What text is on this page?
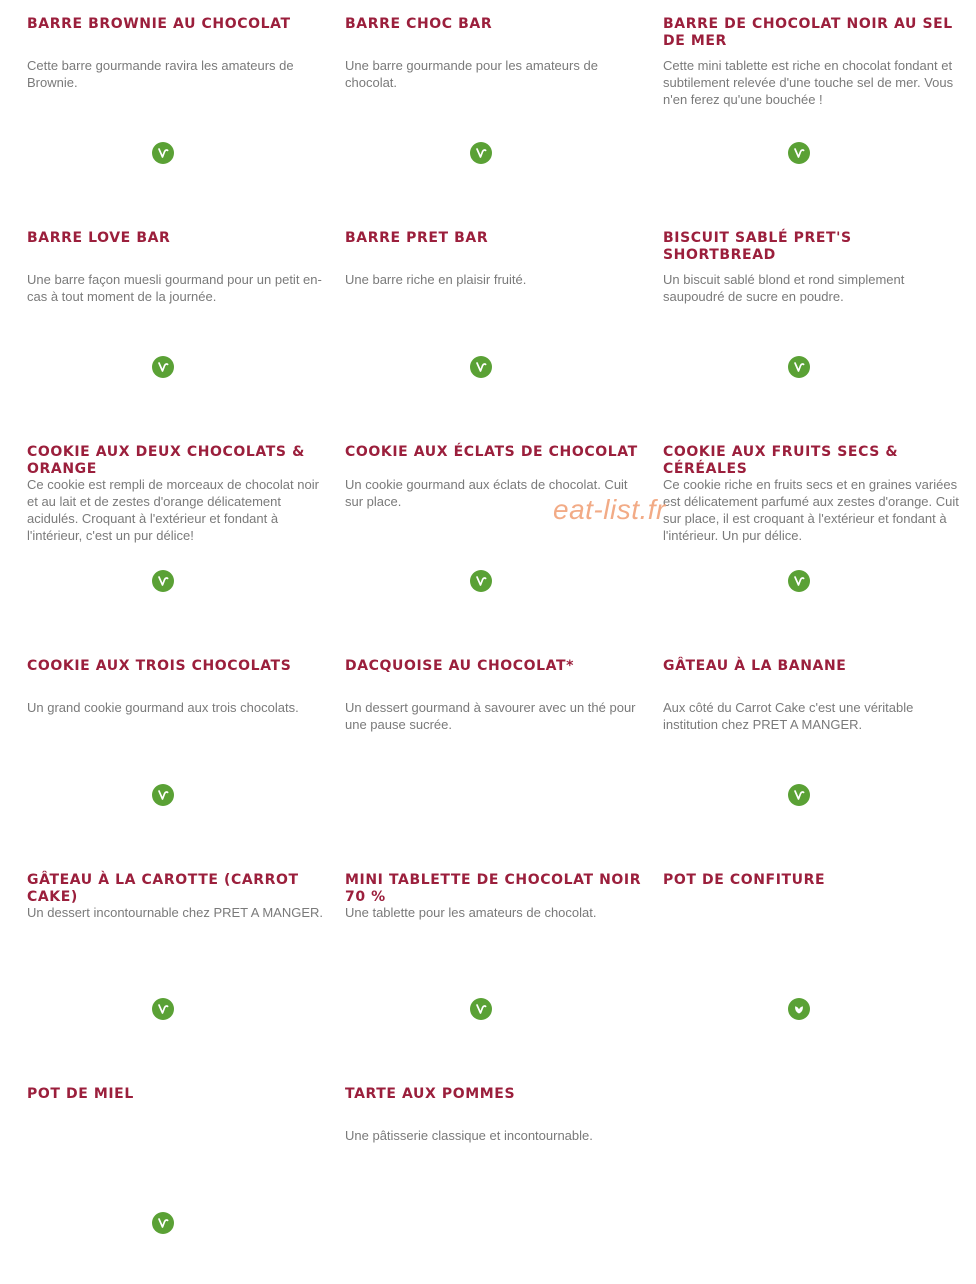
BARRE BROWNIE AU CHOCOLAT

Cette barre gourmande ravira les amateurs de Brownie.

BARRE CHOC BAR

Une barre gourmande pour les amateurs de chocolat.

BARRE DE CHOCOLAT NOIR AU SEL DE MER

Cette mini tablette est riche en chocolat fondant et subtilement relevée d'une touche sel de mer. Vous n'en ferez qu'une bouchée !

BARRE LOVE BAR

Une barre façon muesli gourmand pour un petit en-cas à tout moment de la journée.

BARRE PRET BAR

Une barre riche en plaisir fruité.

BISCUIT SABLÉ PRET'S SHORTBREAD

Un biscuit sablé blond et rond simplement saupoudré de sucre en poudre.

COOKIE AUX DEUX CHOCOLATS & ORANGE

Ce cookie est rempli de morceaux de chocolat noir et au lait et de zestes d'orange délicatement acidulés. Croquant à l'extérieur et fondant à l'intérieur, c'est un pur délice!

COOKIE AUX ÉCLATS DE CHOCOLAT

Un cookie gourmand aux éclats de chocolat. Cuit sur place.

COOKIE AUX FRUITS SECS & CÉRÉALES

Ce cookie riche en fruits secs et en graines variées est délicatement parfumé aux zestes d'orange. Cuit sur place, il est croquant à l'extérieur et fondant à l'intérieur. Un pur délice.

COOKIE AUX TROIS CHOCOLATS

Un grand cookie gourmand aux trois chocolats.

DACQUOISE AU CHOCOLAT*

Un dessert gourmand à savourer avec un thé pour une pause sucrée.

GÂTEAU À LA BANANE

Aux côté du Carrot Cake c'est une véritable institution chez PRET A MANGER.

GÂTEAU À LA CAROTTE (CARROT CAKE)

Un dessert incontournable chez PRET A MANGER.

MINI TABLETTE DE CHOCOLAT NOIR 70 %

Une tablette pour les amateurs de chocolat.

POT DE CONFITURE
POT DE MIEL	TARTE AUX POMMES

Une pâtisserie classique et incontournable.

eat-list.fr
